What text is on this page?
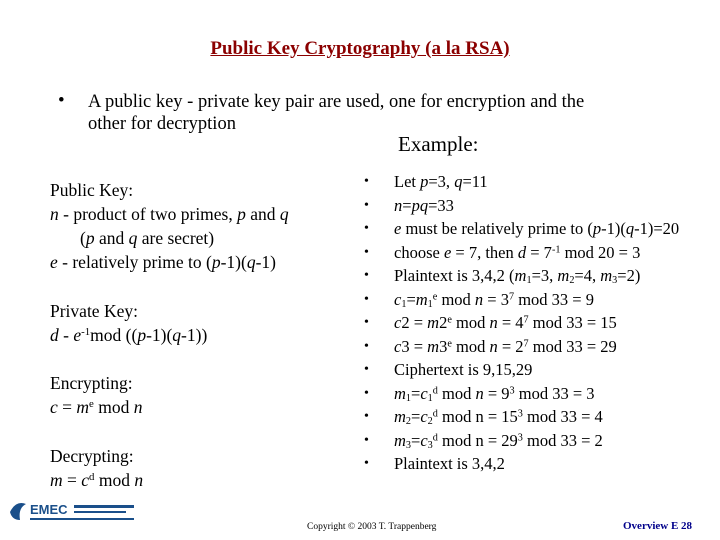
Public Key Cryptography (a la RSA)
• A public key - private key pair are used, one for encryption and the
other for decryption
Example:
Public Key:
n - product of two primes, p and q
(p and q are secret)
e - relatively prime to (p-1)(q-1)
Private Key:
d - $e^{-1}mod$ ((p-1)(q-1))
Encrypting:
$c = m^e$ mod n
Decrypting:
$m = c^d$ mod n
• Let p=3, q=11
• n=pq=33
• e must be relatively prime to (p-1)(q-1)=20
• choose e = 7, then $d = 7^{-1}$ mod 20 = 3
• Plaintext is 3,4,2 ($m_1=3$, $m_2=4$, $m_3=2$)
• $c_1=m_1^e$ mod $n = 3^7$ mod 33 = 9
• $c2 = m2^e$ mod $n = 4^7$ mod 33 = 15
• $c3 = m3^e$ mod $n = 2^7$ mod 33 = 29
• Ciphertext is 9,15,29
• $m_1=c_1^d$ mod $n = 9^3$ mod 33 = 3
• $m_2=c_2^d$ mod $n = 15^3$ mod 33 = 4
• $m_3=c_3^d$ mod $n = 29^3$ mod 33 = 2
• Plaintext is 3,4,2
EMEC
Copyright © 2003 T. Trappenberg	Overview E 28
